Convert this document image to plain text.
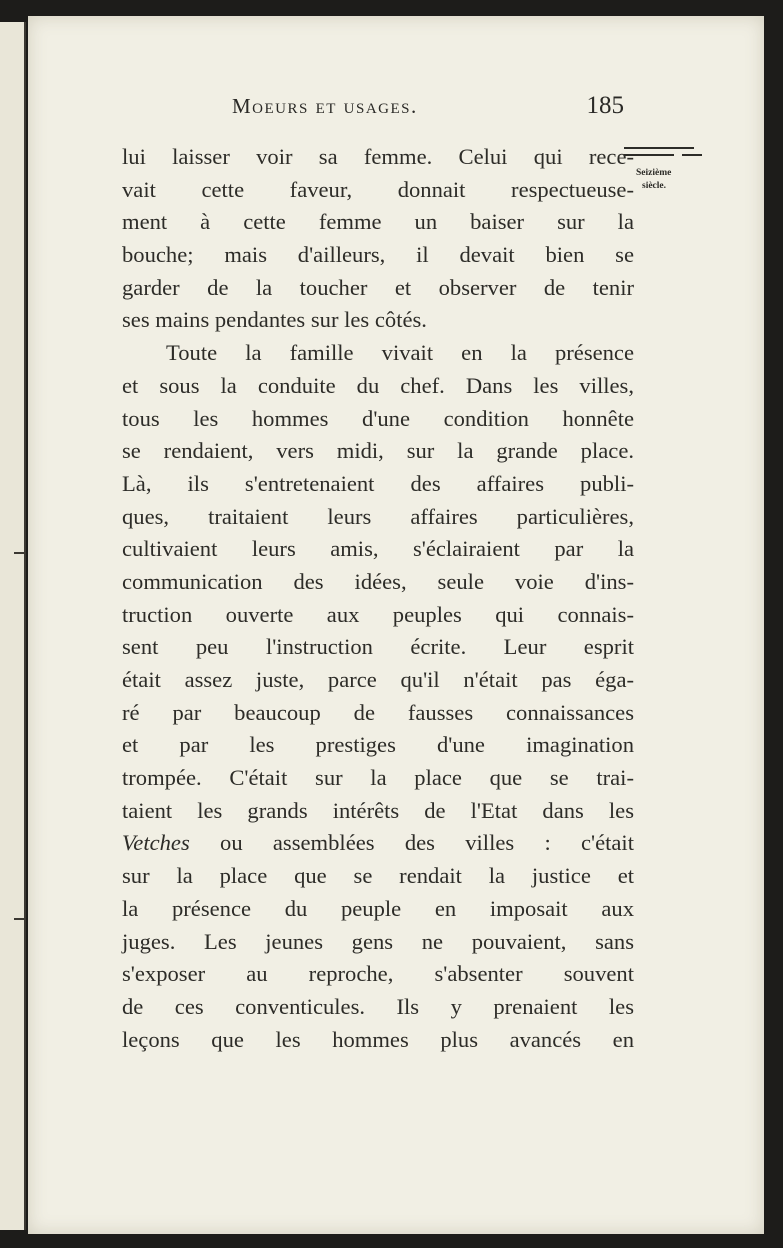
Moeurs et usages.	185
Seizième
siècle.
lui laisser voir sa femme. Celui qui rece-
vait cette faveur, donnait respectueuse-
ment à cette femme un baiser sur la
bouche; mais d'ailleurs, il devait bien se
garder de la toucher et observer de tenir
ses mains pendantes sur les côtés.
Toute la famille vivait en la présence
et sous la conduite du chef. Dans les villes,
tous les hommes d'une condition honnête
se rendaient, vers midi, sur la grande place.
Là, ils s'entretenaient des affaires publi-
ques, traitaient leurs affaires particulières,
cultivaient leurs amis, s'éclairaient par la
communication des idées, seule voie d'ins-
truction ouverte aux peuples qui connais-
sent peu l'instruction écrite. Leur esprit
était assez juste, parce qu'il n'était pas éga-
ré par beaucoup de fausses connaissances
et par les prestiges d'une imagination
trompée. C'était sur la place que se trai-
taient les grands intérêts de l'Etat dans les
Vetches ou assemblées des villes : c'était
sur la place que se rendait la justice et
la présence du peuple en imposait aux
juges. Les jeunes gens ne pouvaient, sans
s'exposer au reproche, s'absenter souvent
de ces conventicules. Ils y prenaient les
leçons que les hommes plus avancés en
